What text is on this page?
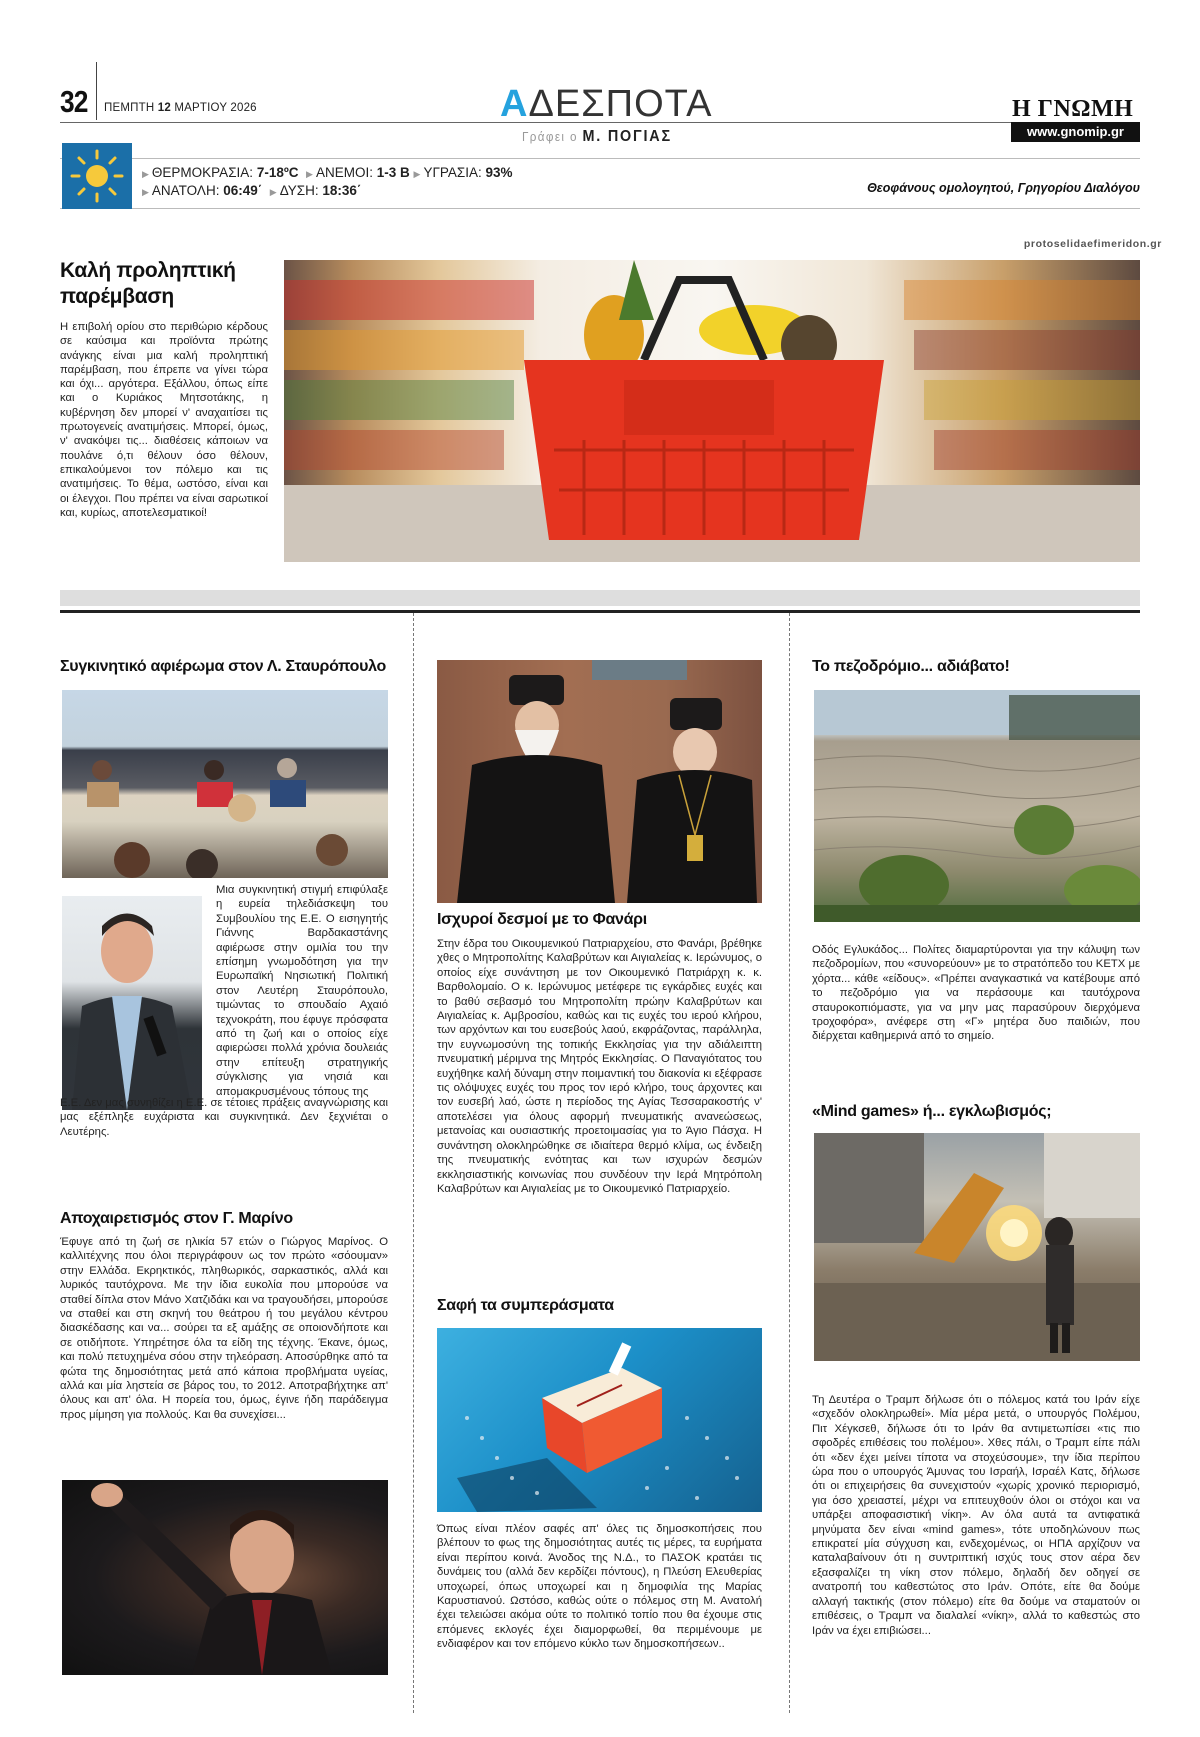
32 ΠΕΜΠΤΗ 12 ΜΑΡΤΙΟΥ 2026	ΑΔΕΣΠΟΤΑ
Γράφει ο Μ. ΠΟΓΙΑΣ
Η ΓΝΩΜΗ
www.gnomip.gr
▶ ΘΕΡΜΟΚΡΑΣΙΑ: 7-18ºC ▶ ΑΝΕΜΟΙ: 1-3 Β ▶ ΥΓΡΑΣΙΑ: 93%
▶ ΑΝΑΤΟΛΗ: 06:49΄ ▶ ΔΥΣΗ: 18:36΄	Θεοφάνους ομολογητού, Γρηγορίου Διαλόγου
protoselidaefimeridon.gr
Καλή προληπτική παρέμβαση

Η επιβολή ορίου στο περιθώριο κέρδους σε καύσιμα και προϊόντα πρώτης ανάγκης είναι μια καλή προληπτική παρέμβαση, που έπρεπε να γίνει τώρα και όχι... αργότερα. Εξάλλου, όπως είπε και ο Κυριάκος Μητσοτάκης, η κυβέρνηση δεν μπορεί ν' αναχαιτίσει τις πρωτογενείς ανατιμήσεις. Μπορεί, όμως, ν' ανακόψει τις... διαθέσεις κάποιων να πουλάνε ό,τι θέλουν όσο θέλουν, επικαλούμενοι τον πόλεμο και τις ανατιμήσεις. Το θέμα, ωστόσο, είναι και οι έλεγχοι. Που πρέπει να είναι σαρωτικοί και, κυρίως, αποτελεσματικοί!

Συγκινητικό αφιέρωμα στον Λ. Σταυρόπουλο

Μια συγκινητική στιγμή επιφύλαξε η ευρεία τηλεδιάσκεψη του Συμβουλίου της Ε.Ε. Ο εισηγητής Γιάννης Βαρδακαστάνης αφιέρωσε στην ομιλία του την επίσημη γνωμοδότηση για την Ευρωπαϊκή Νησιωτική Πολιτική στον Λευτέρη Σταυρόπουλο, τιμώντας το σπουδαίο Αχαιό τεχνοκράτη, που έφυγε πρόσφατα από τη ζωή και ο οποίος είχε αφιερώσει πολλά χρόνια δουλειάς στην επίτευξη στρατηγικής σύγκλισης για νησιά και απομακρυσμένους τόπους της

Ε.Ε. Δεν μας συνηθίζει η Ε.Ε. σε τέτοιες πράξεις αναγνώρισης και μας εξέπληξε ευχάριστα και συγκινητικά. Δεν ξεχνιέται ο Λευτέρης.

Αποχαιρετισμός στον Γ. Μαρίνο

Έφυγε από τη ζωή σε ηλικία 57 ετών ο Γιώργος Μαρίνος. Ο καλλιτέχνης που όλοι περιγράφουν ως τον πρώτο «σόουμαν» στην Ελλάδα. Εκρηκτικός, πληθωρικός, σαρκαστικός, αλλά και λυρικός ταυτόχρονα. Με την ίδια ευκολία που μπορούσε να σταθεί δίπλα στον Μάνο Χατζιδάκι και να τραγουδήσει, μπορούσε να σταθεί και στη σκηνή του θεάτρου ή του μεγάλου κέντρου διασκέδασης και να... σούρει τα εξ αμάξης σε οποιονδήποτε και σε οτιδήποτε. Υπηρέτησε όλα τα είδη της τέχνης. Έκανε, όμως, και πολύ πετυχημένα σόου στην τηλεόραση. Αποσύρθηκε από τα φώτα της δημοσιότητας μετά από κάποια προβλήματα υγείας, αλλά και μία ληστεία σε βάρος του, το 2012. Αποτραβήχτηκε απ' όλους και απ' όλα. Η πορεία του, όμως, έγινε ήδη παράδειγμα προς μίμηση για πολλούς. Και θα συνεχίσει...

Ισχυροί δεσμοί με το Φανάρι

Στην έδρα του Οικουμενικού Πατριαρχείου, στο Φανάρι, βρέθηκε χθες ο Μητροπολίτης Καλαβρύτων και Αιγιαλείας κ. Ιερώνυμος, ο οποίος είχε συνάντηση με τον Οικουμενικό Πατριάρχη κ. κ. Βαρθολομαίο. Ο κ. Ιερώνυμος μετέφερε τις εγκάρδιες ευχές και το βαθύ σεβασμό του Μητροπολίτη πρώην Καλαβρύτων και Αιγιαλείας κ. Αμβροσίου, καθώς και τις ευχές του ιερού κλήρου, των αρχόντων και του ευσεβούς λαού, εκφράζοντας, παράλληλα, την ευγνωμοσύνη της τοπικής Εκκλησίας για την αδιάλειπτη πνευματική μέριμνα της Μητρός Εκκλησίας. Ο Παναγιότατος του ευχήθηκε καλή δύναμη στην ποιμαντική του διακονία κι εξέφρασε τις ολόψυχες ευχές του προς τον ιερό κλήρο, τους άρχοντες και τον ευσεβή λαό, ώστε η περίοδος της Αγίας Τεσσαρακοστής ν' αποτελέσει για όλους αφορμή πνευματικής ανανεώσεως, μετανοίας και ουσιαστικής προετοιμασίας για το Άγιο Πάσχα. Η συνάντηση ολοκληρώθηκε σε ιδιαίτερα θερμό κλίμα, ως ένδειξη της πνευματικής ενότητας και των ισχυρών δεσμών εκκλησιαστικής κοινωνίας που συνδέουν την Ιερά Μητρόπολη Καλαβρύτων και Αιγιαλείας με το Οικουμενικό Πατριαρχείο.

Σαφή τα συμπεράσματα

Όπως είναι πλέον σαφές απ' όλες τις δημοσκοπήσεις που βλέπουν το φως της δημοσιότητας αυτές τις μέρες, τα ευρήματα είναι περίπου κοινά. Άνοδος της Ν.Δ., το ΠΑΣΟΚ κρατάει τις δυνάμεις του (αλλά δεν κερδίζει πόντους), η Πλεύση Ελευθερίας υποχωρεί, όπως υποχωρεί και η δημοφιλία της Μαρίας Καρυστιανού. Ωστόσο, καθώς ούτε ο πόλεμος στη Μ. Ανατολή έχει τελειώσει ακόμα ούτε το πολιτικό τοπίο που θα έχουμε στις επόμενες εκλογές έχει διαμορφωθεί, θα περιμένουμε με ενδιαφέρον και τον επόμενο κύκλο των δημοσκοπήσεων..

Το πεζοδρόμιο... αδιάβατο!

Οδός Εγλυκάδος... Πολίτες διαμαρτύρονται για την κάλυψη των πεζοδρομίων, που «συνορεύουν» με το στρατόπεδο του ΚΕΤΧ με χόρτα... κάθε «είδους». «Πρέπει αναγκαστικά να κατέβουμε από το πεζοδρόμιο για να περάσουμε και ταυτόχρονα σταυροκοπιόμαστε, για να μην μας παρασύρουν διερχόμενα τροχοφόρα», ανέφερε στη «Γ» μητέρα δυο παιδιών, που διέρχεται καθημερινά από το σημείο.

«Mind games» ή... εγκλωβισμός;

Τη Δευτέρα ο Τραμπ δήλωσε ότι ο πόλεμος κατά του Ιράν είχε «σχεδόν ολοκληρωθεί». Μία μέρα μετά, ο υπουργός Πολέμου, Πιτ Χέγκσεθ, δήλωσε ότι το Ιράν θα αντιμετωπίσει «τις πιο σφοδρές επιθέσεις του πολέμου». Χθες πάλι, ο Τραμπ είπε πάλι ότι «δεν έχει μείνει τίποτα να στοχεύσουμε», την ίδια περίπου ώρα που ο υπουργός Άμυνας του Ισραήλ, Ισραέλ Κατς, δήλωσε ότι οι επιχειρήσεις θα συνεχιστούν «χωρίς χρονικό περιορισμό, για όσο χρειαστεί, μέχρι να επιτευχθούν όλοι οι στόχοι και να υπάρξει αποφασιστική νίκη». Αν όλα αυτά τα αντιφατικά μηνύματα δεν είναι «mind games», τότε υποδηλώνουν πως επικρατεί μία σύγχυση και, ενδεχομένως, οι ΗΠΑ αρχίζουν να καταλαβαίνουν ότι η συντριπτική ισχύς τους στον αέρα δεν εξασφαλίζει τη νίκη στον πόλεμο, δηλαδή δεν οδηγεί σε ανατροπή του καθεστώτος στο Ιράν. Οπότε, είτε θα δούμε αλλαγή τακτικής (στον πόλεμο) είτε θα δούμε να σταματούν οι επιθέσεις, ο Τραμπ να διαλαλεί «νίκη», αλλά το καθεστώς στο Ιράν να έχει επιβιώσει...
